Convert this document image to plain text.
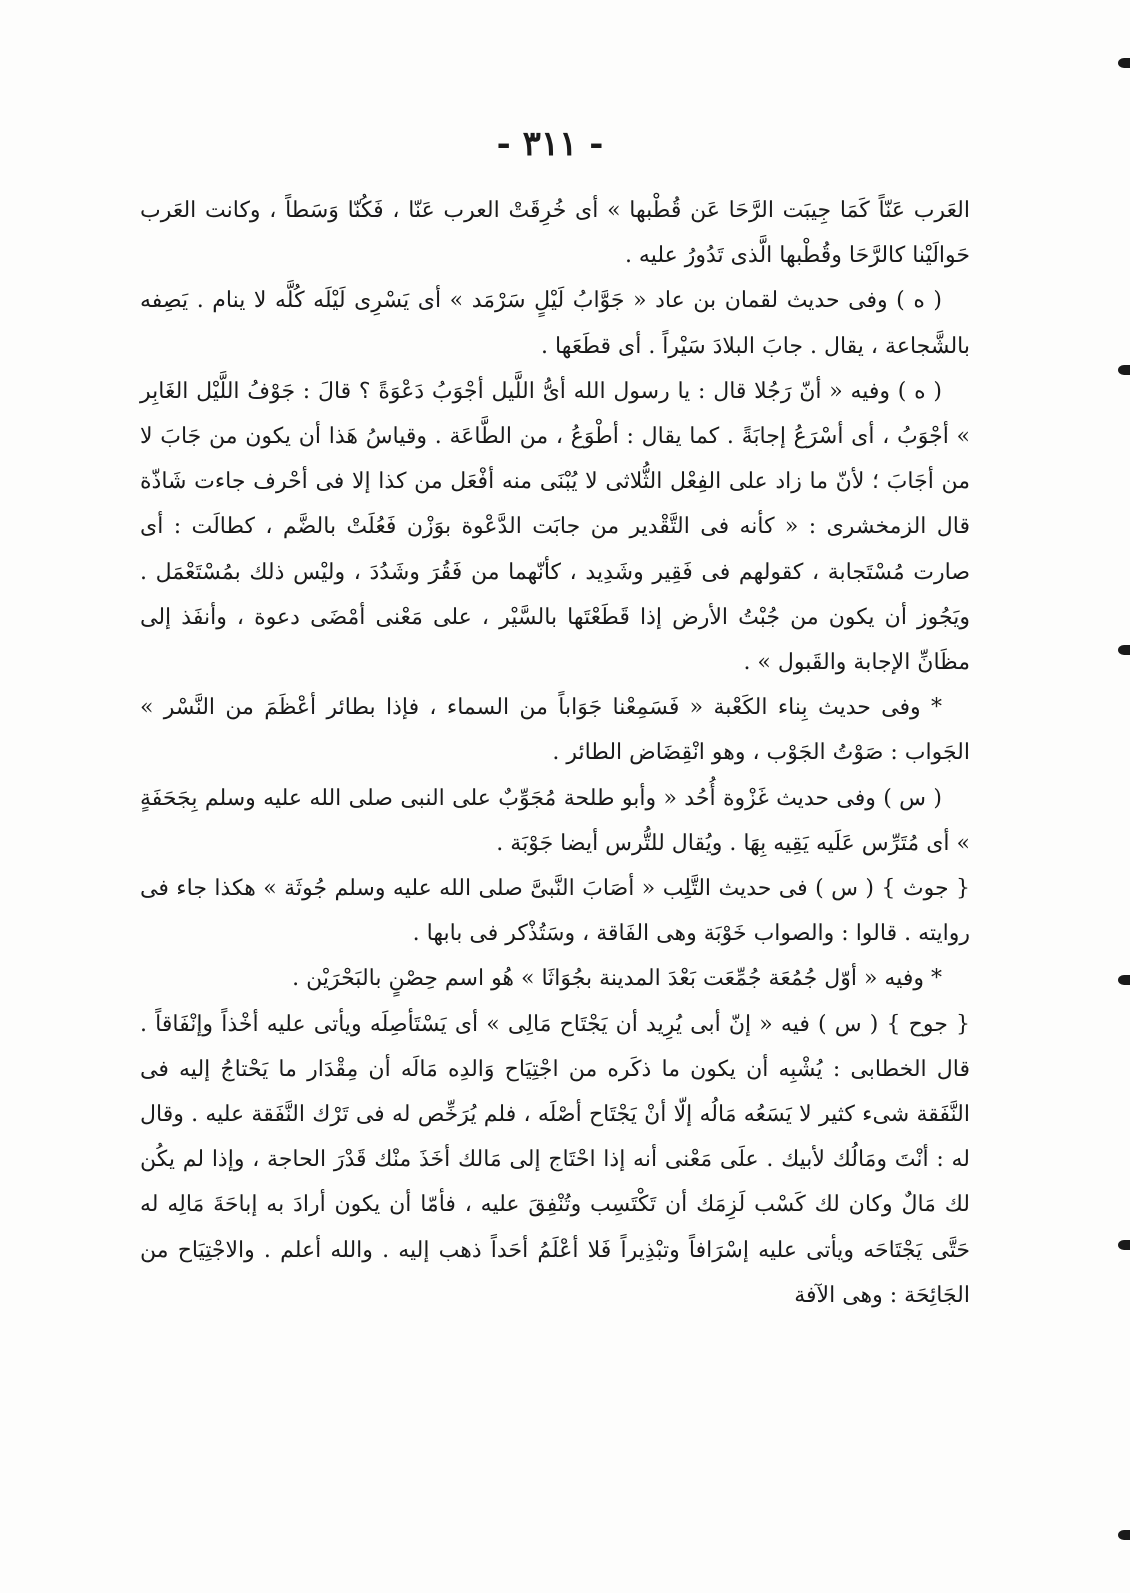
- ٣١١ -

العَرب عَنّاً كَمَا جِيبَت الرَّحَا عَن قُطْبها » أى خُرِقَتْ العرب عَنّا ، فَكُنّا وَسَطاً ، وكانت العَرب حَوالَيْنا كالرَّحَا وقُطْبها الَّذى تَدُورُ عليه .

( ه ) وفى حديث لقمان بن عاد « جَوَّابُ لَيْلٍ سَرْمَد » أى يَسْرِى لَيْلَه كُلَّه لا ينام . يَصِفه بالشَّجاعة ، يقال . جابَ البلادَ سَيْراً . أى قطَعَها .

( ه ) وفيه « أنّ رَجُلا قال : يا رسول الله أىُّ اللَّيل أجْوَبُ دَعْوَةً ؟ قالَ : جَوْفُ اللَّيْل الغَابِر » أجْوَبُ ، أى أسْرَعُ إجابَةً . كما يقال : أطْوَعُ ، من الطَّاعَة . وقياسُ هَذا أن يكون من جَابَ لا من أجَابَ ؛ لأنّ ما زاد على الفِعْل الثُّلاثى لا يُبْنَى منه أفْعَل من كذا إلا فى أحْرف جاءت شَاذّة قال الزمخشرى : « كأنه فى التَّقْدير من جابَت الدَّعْوة بوَزْن فَعُلَتْ بالضَّم ، كطالَت : أى صارت مُسْتَجابة ، كقولهم فى فَقِير وشَدِيد ، كأنّهما من فَقُرَ وشَدُدَ ، وليْس ذلك بمُسْتَعْمَل . ويَجُوز أن يكون من جُبْتُ الأرض إذا قَطَعْتَها بالسَّيْر ، على مَعْنى أمْضَى دعوة ، وأنفَذ إلى مظَانِّ الإجابة والقَبول » .

* وفى حديث بِناء الكَعْبة « فَسَمِعْنا جَوَاباً من السماء ، فإذا بطائر أعْظَمَ من النَّسْر » الجَواب : صَوْتُ الجَوْب ، وهو انْقِضَاض الطائر .

( س ) وفى حديث غَزْوة أُحُد « وأبو طلحة مُجَوِّبٌ على النبى صلى الله عليه وسلم بِجَحَفَةٍ » أى مُتَرِّس عَلَيه يَقِيه بِهَا . ويُقال للتُّرس أيضا جَوْبَة .

{ جوث } ( س ) فى حديث التَّلِب « أصَابَ النَّبىَّ صلى الله عليه وسلم جُوثَة » هكذا جاء فى روايته . قالوا : والصواب خَوْبَة وهى الفَاقة ، وسَتُذْكر فى بابها .

* وفيه « أوّل جُمُعَة جُمِّعَت بَعْدَ المدينة بجُوَاثَا » هُو اسم حِصْنٍ بالبَحْرَيْن .

{ جوح } ( س ) فيه « إنّ أبى يُرِيد أن يَجْتَاح مَالِى » أى يَسْتَأصِلَه ويأتى عليه أخْذاً وإنْفَاقاً . قال الخطابى : يُشْبِه أن يكون ما ذكَره من اجْتِيَاح وَالدِه مَالَه أن مِقْدَار ما يَحْتاجُ إليه فى النَّفَقة شىء كثير لا يَسَعُه مَالُه إلّا أنْ يَجْتَاح أصْلَه ، فلم يُرَخِّص له فى تَرْك النَّفَقة عليه . وقال له : أنْتَ ومَالُك لأبيك . علَى مَعْنى أنه إذا احْتَاج إلى مَالك أخَذَ منْك قَدْرَ الحاجة ، وإذا لم يكُن لك مَالٌ وكان لك كَسْب لَزِمَك أن تَكْتَسِب وتُنْفِقَ عليه ، فأمّا أن يكون أرادَ به إباحَةَ مَالِه له حَتَّى يَجْتَاحَه ويأتى عليه إسْرَافاً وتبْذِيراً فَلا أعْلَمُ أحَداً ذهب إليه . والله أعلم . والاجْتِيَاح من الجَائِحَة : وهى الآفة
